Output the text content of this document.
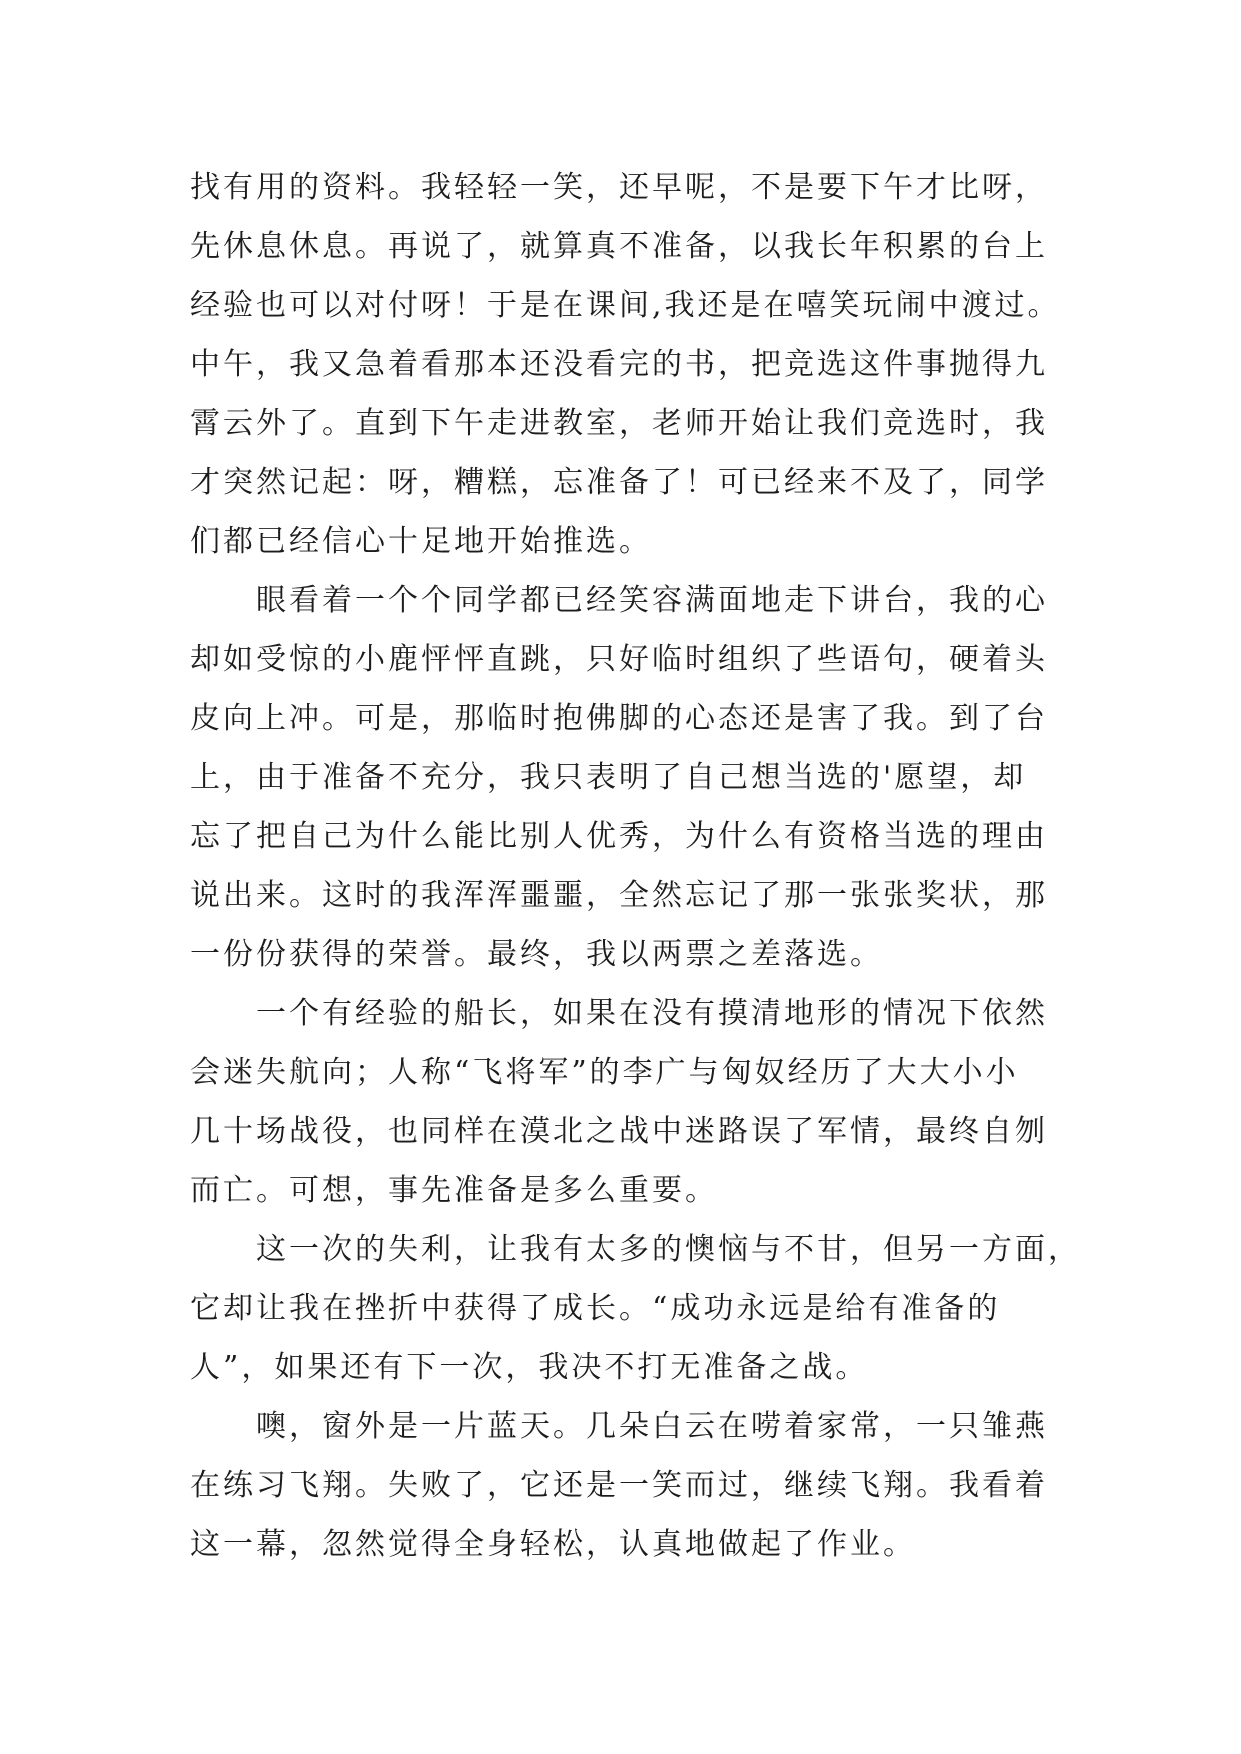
找有用的资料。我轻轻一笑，还早呢，不是要下午才比呀，
先休息休息。再说了，就算真不准备，以我长年积累的台上
经验也可以对付呀！于是在课间,我还是在嘻笑玩闹中渡过。
中午，我又急着看那本还没看完的书，把竞选这件事抛得九
霄云外了。直到下午走进教室，老师开始让我们竞选时，我
才突然记起：呀，糟糕，忘准备了！可已经来不及了，同学
们都已经信心十足地开始推选。
眼看着一个个同学都已经笑容满面地走下讲台，我的心
却如受惊的小鹿怦怦直跳，只好临时组织了些语句，硬着头
皮向上冲。可是，那临时抱佛脚的心态还是害了我。到了台
上，由于准备不充分，我只表明了自己想当选的'愿望，却
忘了把自己为什么能比别人优秀，为什么有资格当选的理由
说出来。这时的我浑浑噩噩，全然忘记了那一张张奖状，那
一份份获得的荣誉。最终，我以两票之差落选。
一个有经验的船长，如果在没有摸清地形的情况下依然
会迷失航向；人称“飞将军”的李广与匈奴经历了大大小小
几十场战役，也同样在漠北之战中迷路误了军情，最终自刎
而亡。可想，事先准备是多么重要。
这一次的失利，让我有太多的懊恼与不甘，但另一方面，
它却让我在挫折中获得了成长。“成功永远是给有准备的
人”，如果还有下一次，我决不打无准备之战。
噢，窗外是一片蓝天。几朵白云在唠着家常，一只雏燕
在练习飞翔。失败了，它还是一笑而过，继续飞翔。我看着
这一幕，忽然觉得全身轻松，认真地做起了作业。
